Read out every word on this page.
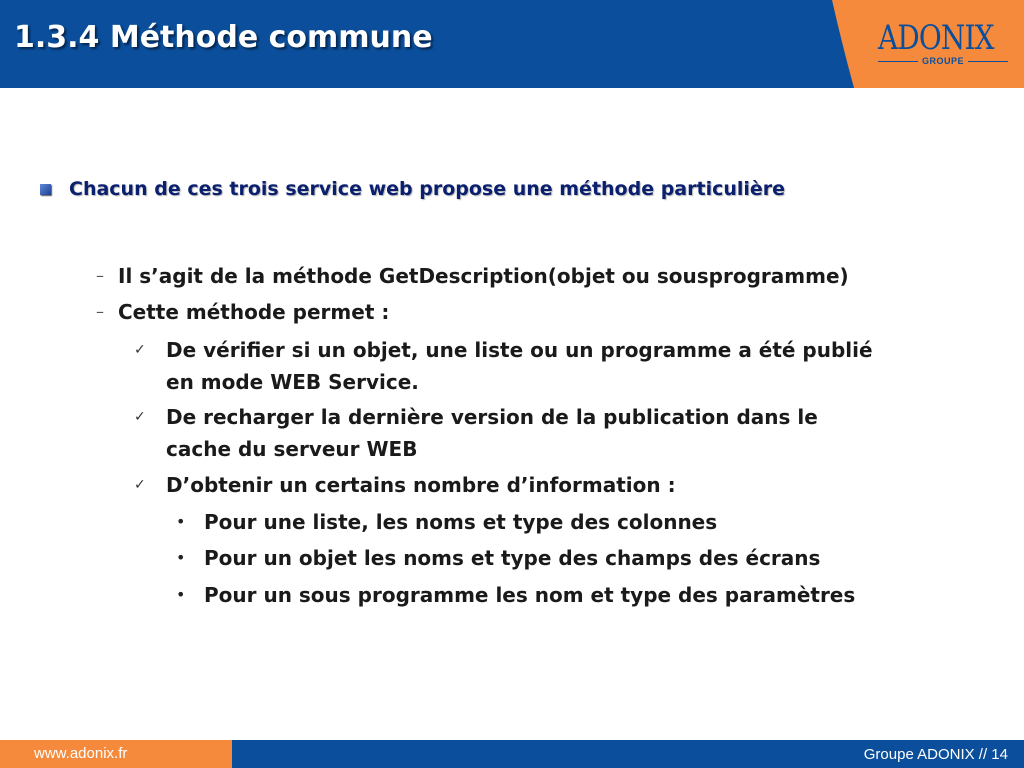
1.3.4 Méthode commune	ADONIX
GROUPE
Chacun de ces trois service web propose une méthode particulière
– Il s’agit de la méthode GetDescription(objet ou sousprogramme)
– Cette méthode permet :
✓	De vérifier si un objet, une liste ou un programme a été publié
en mode WEB Service.
✓	De recharger la dernière version de la publication dans le
cache du serveur WEB
✓	D’obtenir un certains nombre d’information :
• Pour une liste, les noms et type des colonnes
• Pour un objet les noms et type des champs des écrans
• Pour un sous programme les nom et type des paramètres
www.adonix.fr	Groupe ADONIX // 14
